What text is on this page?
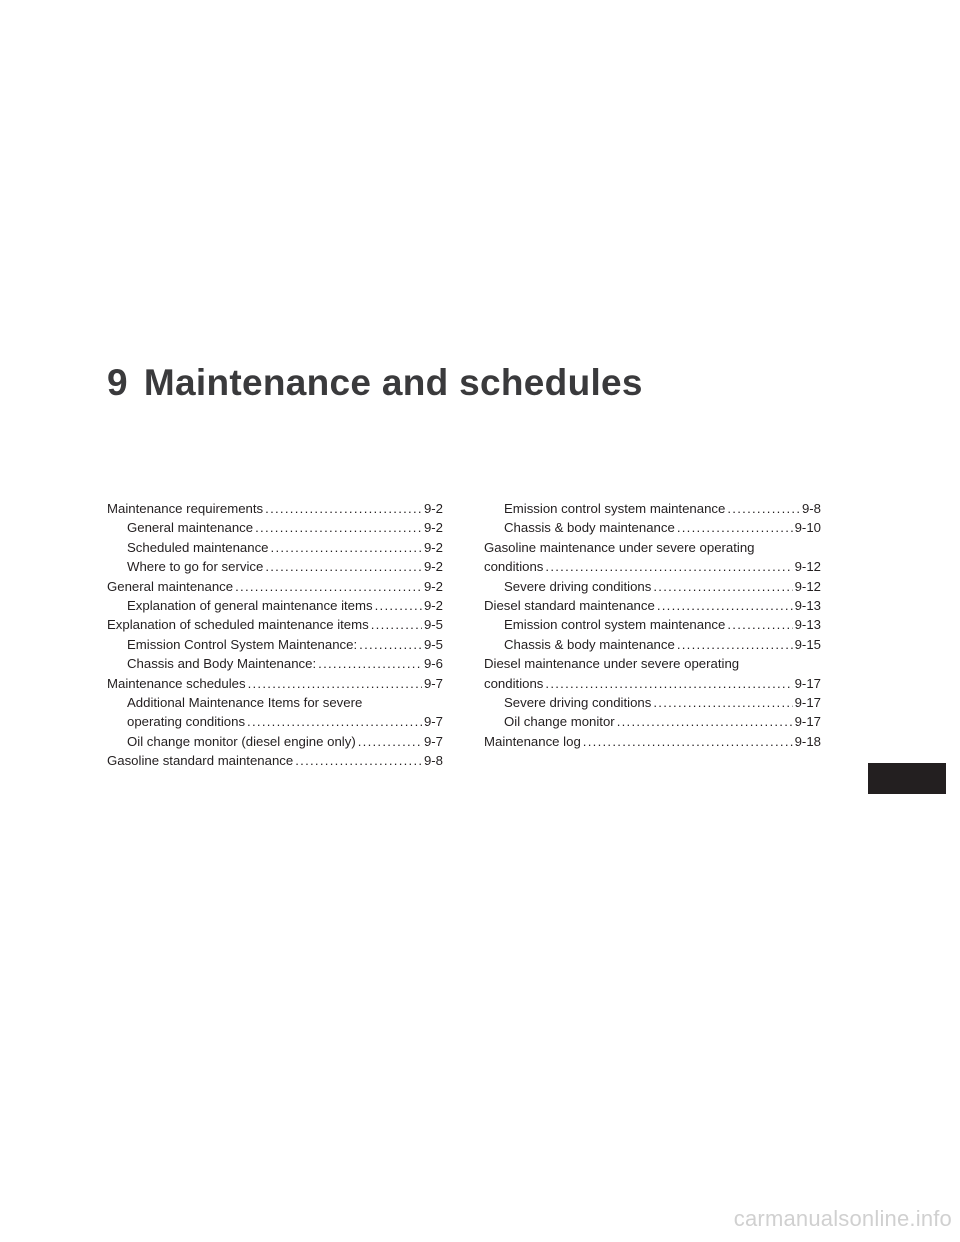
9 Maintenance and schedules
Maintenance requirements . . .	9-2
General maintenance . . .	9-2
Scheduled maintenance . . .	9-2
Where to go for service . . .	9-2
General maintenance . . .	9-2
Explanation of general maintenance items . . .	9-2
Explanation of scheduled maintenance items . . .	9-5
Emission Control System Maintenance: . . .	9-5
Chassis and Body Maintenance: . . .	9-6
Maintenance schedules . . .	9-7
Additional Maintenance Items for severe
operating conditions . . .	9-7
Oil change monitor (diesel engine only) . . .	9-7
Gasoline standard maintenance . . .	9-8
Emission control system maintenance . . .	9-8
Chassis & body maintenance . . .	9-10
Gasoline maintenance under severe operating
conditions . . .	9-12
Severe driving conditions . . .	9-12
Diesel standard maintenance . . .	9-13
Emission control system maintenance . . .	9-13
Chassis & body maintenance . . .	9-15
Diesel maintenance under severe operating
conditions . . .	9-17
Severe driving conditions . . .	9-17
Oil change monitor . . .	9-17
Maintenance log . . .	9-18

carmanualsonline.info
